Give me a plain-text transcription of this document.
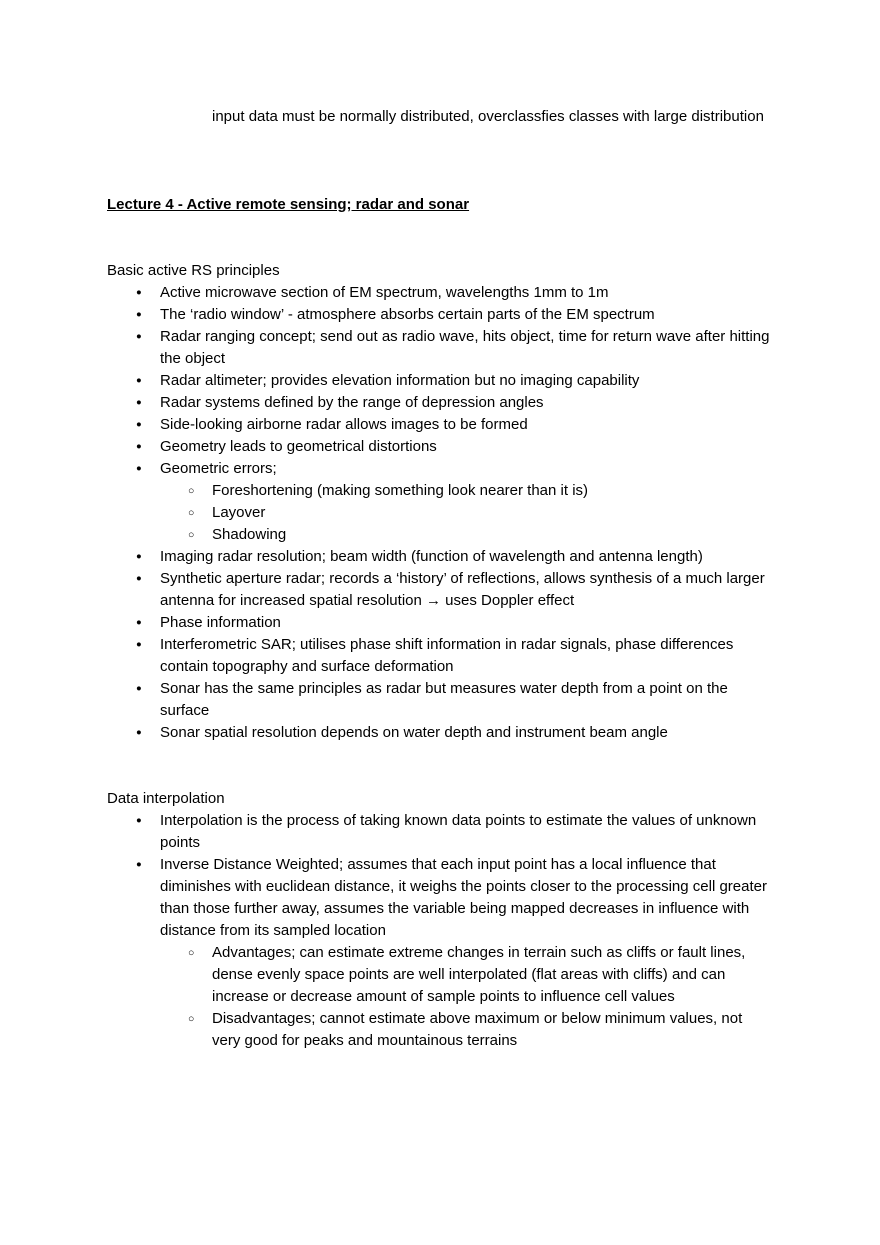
input data must be normally distributed, overclassfies classes with large distribution

Lecture 4 - Active remote sensing; radar and sonar

Basic active RS principles

●	Active microwave section of EM spectrum, wavelengths 1mm to 1m
●	The ‘radio window’ - atmosphere absorbs certain parts of the EM spectrum
●	Radar ranging concept; send out as radio wave, hits object, time for return wave after hitting the object
●	Radar altimeter; provides elevation information but no imaging capability
●	Radar systems defined by the range of depression angles
●	Side-looking airborne radar allows images to be formed
●	Geometry leads to geometrical distortions
●	Geometric errors;
○	Foreshortening (making something look nearer than it is)
○	Layover
○	Shadowing
●	Imaging radar resolution; beam width (function of wavelength and antenna length)
●	Synthetic aperture radar; records a ‘history’ of reflections, allows synthesis of a much larger antenna for increased spatial resolution → uses Doppler effect
●	Phase information
●	Interferometric SAR; utilises phase shift information in radar signals, phase differences contain topography and surface deformation
●	Sonar has the same principles as radar but measures water depth from a point on the surface
●	Sonar spatial resolution depends on water depth and instrument beam angle

Data interpolation

●	Interpolation is the process of taking known data points to estimate the values of unknown points
●	Inverse Distance Weighted; assumes that each input point has a local influence that diminishes with euclidean distance, it weighs the points closer to the processing cell greater than those further away, assumes the variable being mapped decreases in influence with distance from its sampled location
○	Advantages; can estimate extreme changes in terrain such as cliffs or fault lines, dense evenly space points are well interpolated (flat areas with cliffs) and can increase or decrease amount of sample points to influence cell values
○	Disadvantages; cannot estimate above maximum or below minimum values, not very good for peaks and mountainous terrains
